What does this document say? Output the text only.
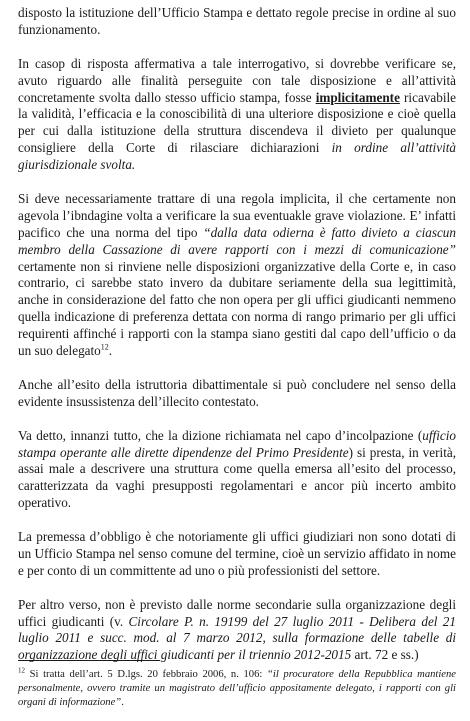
disposto la istituzione dell’Ufficio Stampa e dettato regole precise in ordine al suo funzionamento.

In casop di risposta affermativa a tale interrogativo, si dovrebbe verificare se, avuto riguardo alle finalità perseguite con tale disposizione e all’attività concretamente svolta dallo stesso ufficio stampa, fosse implicitamente ricavabile la validità, l’efficacia e la conoscibilità di una ulteriore disposizione e cioè quella per cui dalla istituzione della struttura discendeva il divieto per qualunque consigliere della Corte di rilasciare dichiarazioni in ordine all’attività giurisdizionale svolta.

Si deve necessariamente trattare di una regola implicita, il che certamente non agevola l’ibndagine volta a verificare la sua eventuakle grave violazione. E’ infatti pacifico che una norma del tipo “dalla data odierna è fatto divieto a ciascun membro della Cassazione di avere rapporti con i mezzi di comunicazione” certamente non si rinviene nelle disposizioni organizzative della Corte e, in caso contrario, ci sarebbe stato invero da dubitare seriamente della sua legittimità, anche in considerazione del fatto che non opera per gli uffici giudicanti nemmeno quella indicazione di preferenza dettata con norma di rango primario per gli uffici requirenti affinché i rapporti con la stampa siano gestiti dal capo dell’ufficio o da un suo delegato$^{12}$.

Anche all’esito della istruttoria dibattimentale si può concludere nel senso della evidente insussistenza dell’illecito contestato.

Va detto, innanzi tutto, che la dizione richiamata nel capo d’incolpazione (ufficio stampa operante alle dirette dipendenze del Primo Presidente) si presta, in verità, assai male a descrivere una struttura come quella emersa all’esito del processo, caratterizzata da vaghi presupposti regolamentari e ancor più incerto ambito operativo.

La premessa d’obbligo è che notoriamente gli uffici giudiziari non sono dotati di un Ufficio Stampa nel senso comune del termine, cioè un servizio affidato in nome e per conto di un committente ad uno o più professionisti del settore.

Per altro verso, non è previsto dalle norme secondarie sulla organizzazione degli uffici giudicanti (v. Circolare P. n. 19199 del 27 luglio 2011 - Delibera del 21 luglio 2011 e succ. mod. al 7 marzo 2012, sulla formazione delle tabelle di organizzazione degli uffici giudicanti per il triennio 2012-2015 art. 72 e ss.)

$^{12}$ Si tratta dell’art. 5 D.lgs. 20 febbraio 2006, n. 106: “il procuratore della Repubblica mantiene personalmente, ovvero tramite un magistrato dell’ufficio appositamente delegato, i rapporti con gli organi di informazione”.
